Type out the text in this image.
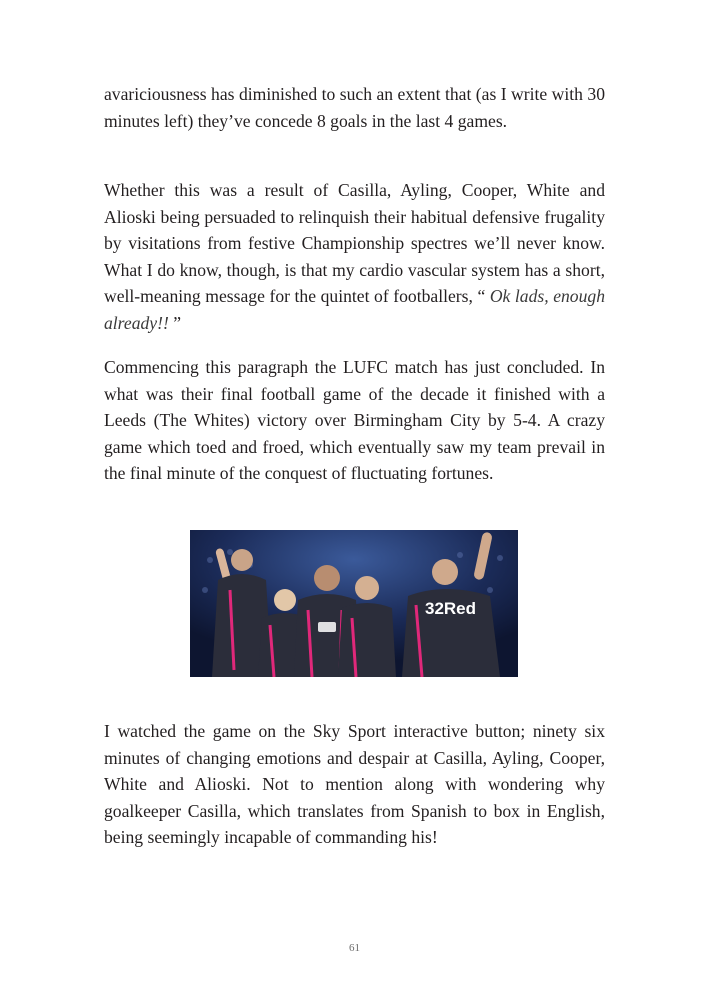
avariciousness has diminished to such an extent that (as I write with 30 minutes left) they’ve concede 8 goals in the last 4 games.

Whether this was a result of Casilla, Ayling, Cooper, White and Alioski being persuaded to relinquish their habitual defensive frugality by visitations from festive Championship spectres we’ll never know. What I do know, though, is that my cardio vascular system has a short, well-meaning message for the quintet of footballers, “ Ok lads, enough already!! ”

Commencing this paragraph the LUFC match has just concluded. In what was their final football game of the decade it finished with a Leeds (The Whites) victory over Birmingham City by 5-4. A crazy game which toed and froed, which eventually saw my team prevail in the final minute of the conquest of fluctuating fortunes.

32Red

I watched the game on the Sky Sport interactive button; ninety six minutes of changing emotions and despair at Casilla, Ayling, Cooper, White and Alioski. Not to mention along with wondering why goalkeeper Casilla, which translates from Spanish to box in English, being seemingly incapable of commanding his!

61
